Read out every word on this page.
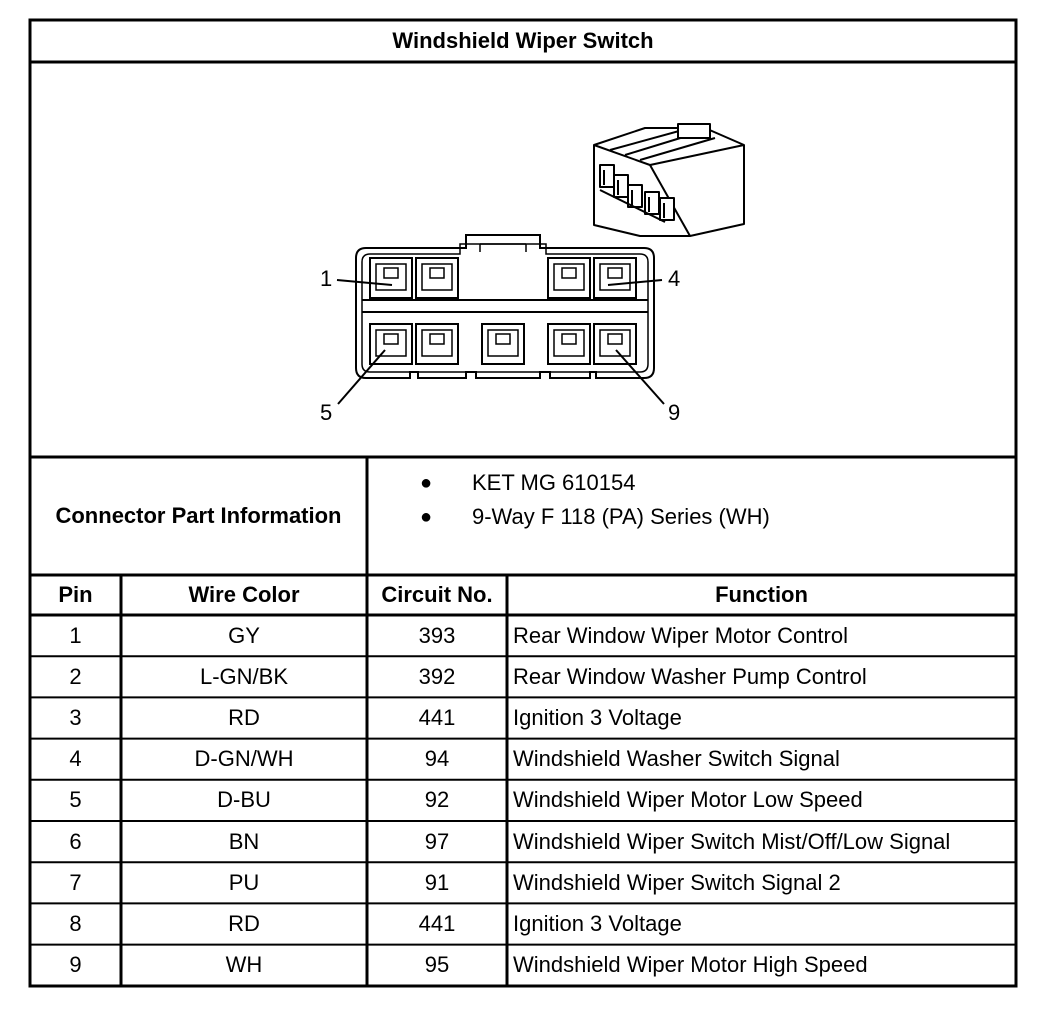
Windshield Wiper Switch
1	4
5	9
Connector Part Information
●	KET MG 610154
●	9-Way F 118 (PA) Series (WH)
Pin	Wire Color	Circuit No.	Function
1	GY	393	Rear Window Wiper Motor Control
2	L-GN/BK	392	Rear Window Washer Pump Control
3	RD	441	Ignition 3 Voltage
4	D-GN/WH	94	Windshield Washer Switch Signal
5	D-BU	92	Windshield Wiper Motor Low Speed
6	BN	97	Windshield Wiper Switch Mist/Off/Low Signal
7	PU	91	Windshield Wiper Switch Signal 2
8	RD	441	Ignition 3 Voltage
9	WH	95	Windshield Wiper Motor High Speed
